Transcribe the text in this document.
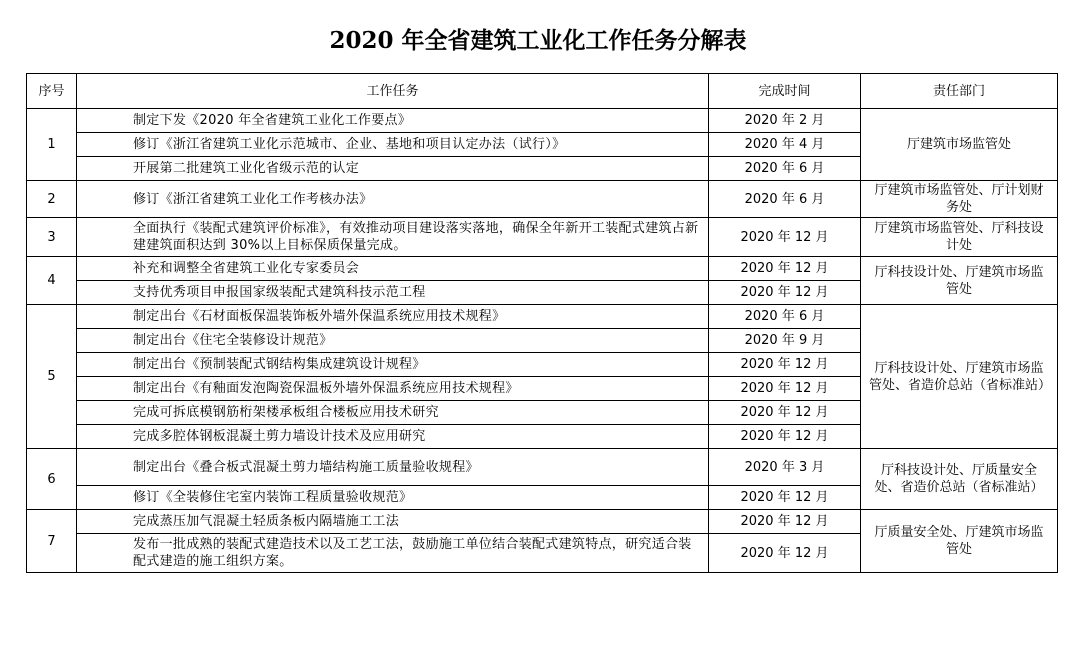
2020 年全省建筑工业化工作任务分解表
序号	工作任务	完成时间	责任部门
1	制定下发《2020 年全省建筑工业化工作要点》	2020 年 2 月	厅建筑市场监管处
	修订《浙江省建筑工业化示范城市、企业、基地和项目认定办法（试行）》	2020 年 4 月	
	开展第二批建筑工业化省级示范的认定	2020 年 6 月	
2	修订《浙江省建筑工业化工作考核办法》	2020 年 6 月	厅建筑市场监管处、厅计划财务处
3	全面执行《装配式建筑评价标准》，有效推动项目建设落实落地，确保全年新开工装配式建筑占新建建筑面积达到 30%以上目标保质保量完成。	2020 年 12 月	厅建筑市场监管处、厅科技设计处
4	补充和调整全省建筑工业化专家委员会	2020 年 12 月	厅科技设计处、厅建筑市场监管处
	支持优秀项目申报国家级装配式建筑科技示范工程	2020 年 12 月	
5	制定出台《石材面板保温装饰板外墙外保温系统应用技术规程》	2020 年 6 月	厅科技设计处、厅建筑市场监管处、省造价总站（省标准站）
	制定出台《住宅全装修设计规范》	2020 年 9 月	
	制定出台《预制装配式钢结构集成建筑设计规程》	2020 年 12 月	
	制定出台《有釉面发泡陶瓷保温板外墙外保温系统应用技术规程》	2020 年 12 月	
	完成可拆底模钢筋桁架楼承板组合楼板应用技术研究	2020 年 12 月	
	完成多腔体钢板混凝土剪力墙设计技术及应用研究	2020 年 12 月	
6	制定出台《叠合板式混凝土剪力墙结构施工质量验收规程》	2020 年 3 月	厅科技设计处、厅质量安全处、省造价总站（省标准站）
	修订《全装修住宅室内装饰工程质量验收规范》	2020 年 12 月	
7	完成蒸压加气混凝土轻质条板内隔墙施工工法	2020 年 12 月	厅质量安全处、厅建筑市场监管处
	发布一批成熟的装配式建造技术以及工艺工法，鼓励施工单位结合装配式建筑特点，研究适合装配式建造的施工组织方案。	2020 年 12 月	
